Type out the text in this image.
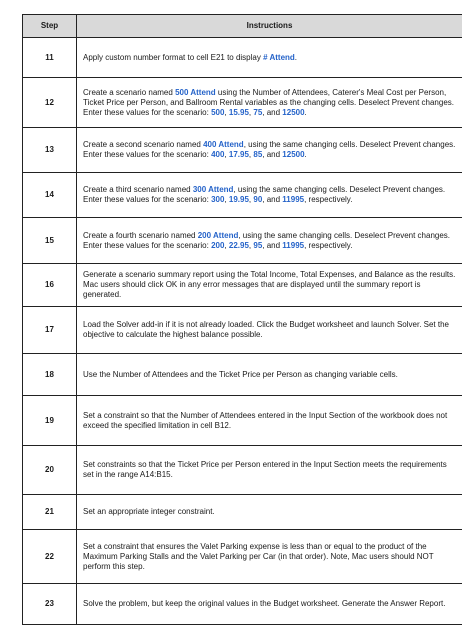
Step	Instructions
11	Apply custom number format to cell E21 to display # Attend.
12	Create a scenario named 500 Attend using the Number of Attendees, Caterer's Meal Cost per Person, Ticket Price per Person, and Ballroom Rental variables as the changing cells. Deselect Prevent changes. Enter these values for the scenario: 500, 15.95, 75, and 12500.
13	Create a second scenario named 400 Attend, using the same changing cells. Deselect Prevent changes. Enter these values for the scenario: 400, 17.95, 85, and 12500.
14	Create a third scenario named 300 Attend, using the same changing cells. Deselect Prevent changes. Enter these values for the scenario: 300, 19.95, 90, and 11995, respectively.
15	Create a fourth scenario named 200 Attend, using the same changing cells. Deselect Prevent changes. Enter these values for the scenario: 200, 22.95, 95, and 11995, respectively.
16	Generate a scenario summary report using the Total Income, Total Expenses, and Balance as the results. Mac users should click OK in any error messages that are displayed until the summary report is generated.
17	Load the Solver add-in if it is not already loaded. Click the Budget worksheet and launch Solver. Set the objective to calculate the highest balance possible.
18	Use the Number of Attendees and the Ticket Price per Person as changing variable cells.
19	Set a constraint so that the Number of Attendees entered in the Input Section of the workbook does not exceed the specified limitation in cell B12.
20	Set constraints so that the Ticket Price per Person entered in the Input Section meets the requirements set in the range A14:B15.
21	Set an appropriate integer constraint.
22	Set a constraint that ensures the Valet Parking expense is less than or equal to the product of the Maximum Parking Stalls and the Valet Parking per Car (in that order). Note, Mac users should NOT perform this step.
23	Solve the problem, but keep the original values in the Budget worksheet. Generate the Answer Report.
